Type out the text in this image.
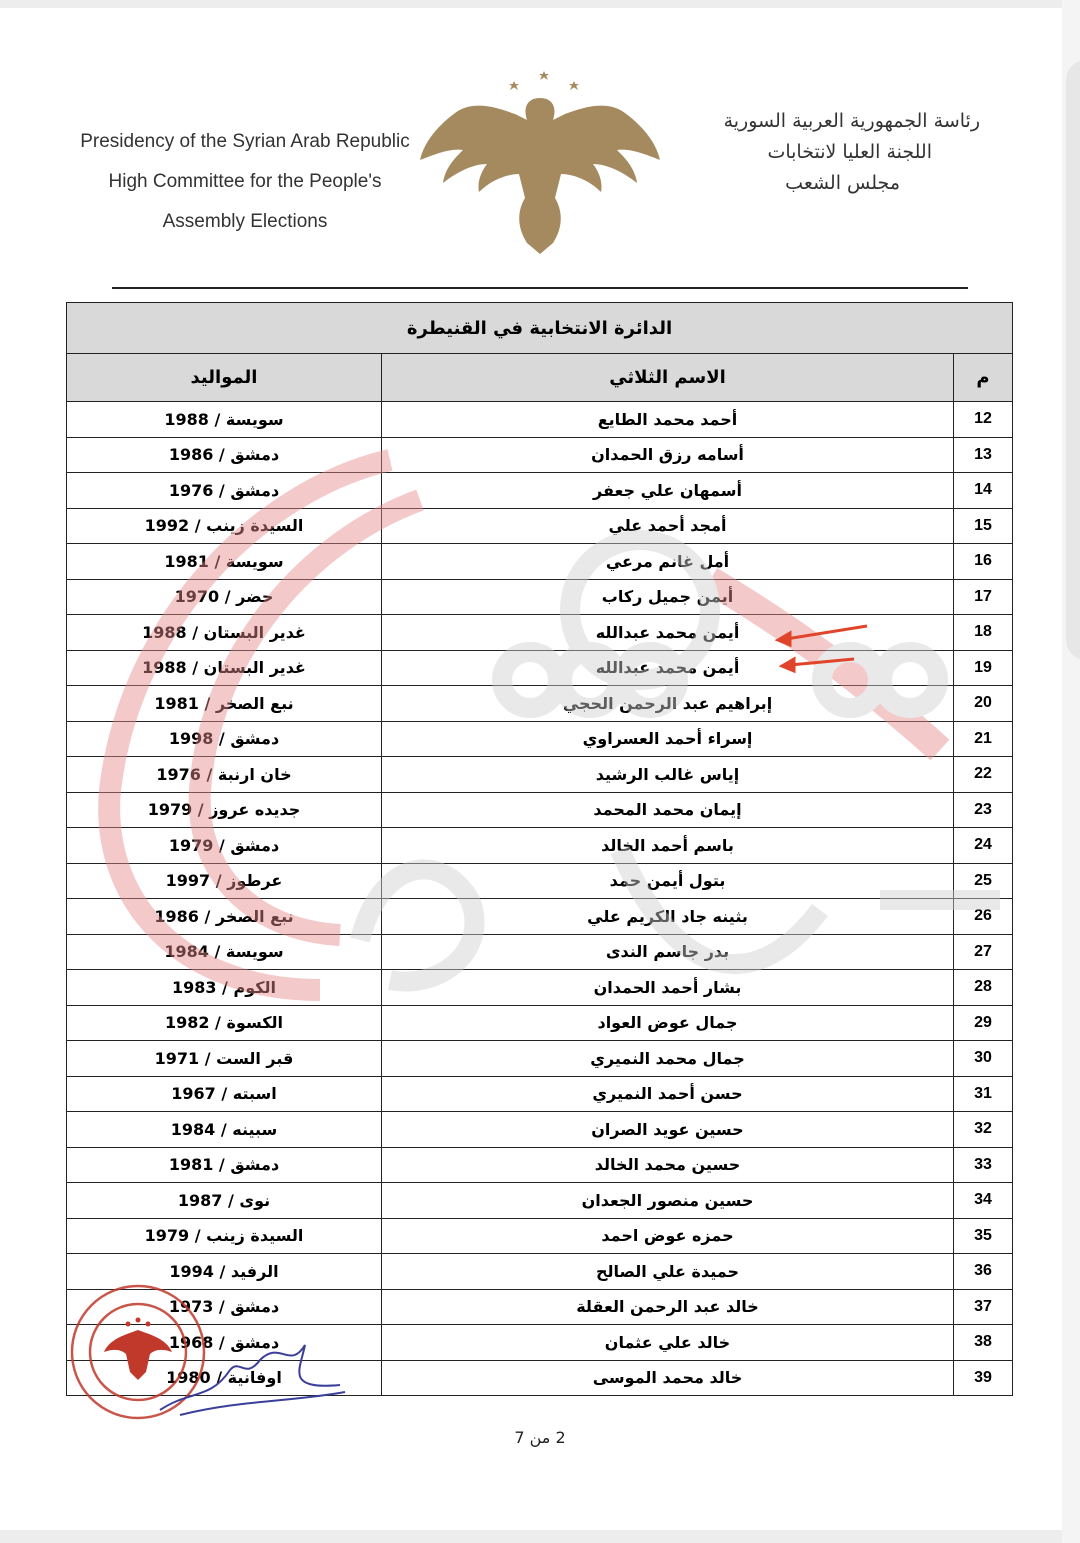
Presidency of the Syrian Arab Republic
High Committee for the People's
Assembly Elections
رئاسة الجمهورية العربية السورية
اللجنة العليا لانتخابات
مجلس الشعب
الدائرة الانتخابية في القنيطرة		
م	الاسم الثلاثي	المواليد
12	أحمد محمد الطايع	سويسة / 1988
13	أسامه رزق الحمدان	دمشق / 1986
14	أسمهان علي جعفر	دمشق / 1976
15	أمجد أحمد علي	السيدة زينب / 1992
16	أمل غانم مرعي	سويسة / 1981
17	أيمن جميل ركاب	حضر / 1970
18	أيمن محمد عبدالله	غدير البستان / 1988
19	أيمن محمد عبدالله	غدير البستان / 1988
20	إبراهيم عبد الرحمن الحجي	نبع الصخر / 1981
21	إسراء أحمد العسراوي	دمشق / 1998
22	إياس غالب الرشيد	خان ارنبة / 1976
23	إيمان محمد المحمد	جديده عروز / 1979
24	باسم أحمد الخالد	دمشق / 1979
25	بتول أيمن حمد	عرطوز / 1997
26	بثينه جاد الكريم علي	نبع الصخر / 1986
27	بدر جاسم الندى	سويسة / 1984
28	بشار أحمد الحمدان	الكوم / 1983
29	جمال عوض العواد	الكسوة / 1982
30	جمال محمد النميري	قبر الست / 1971
31	حسن أحمد النميري	اسبته / 1967
32	حسين عويد الصران	سبينه / 1984
33	حسين محمد الخالد	دمشق / 1981
34	حسين منصور الجعدان	نوى / 1987
35	حمزه عوض احمد	السيدة زينب / 1979
36	حميدة علي الصالح	الرفيد / 1994
37	خالد عبد الرحمن العقلة	دمشق / 1973
38	خالد علي عثمان	دمشق / 1968
39	خالد محمد الموسى	اوفانية / 1980
2 من 7
